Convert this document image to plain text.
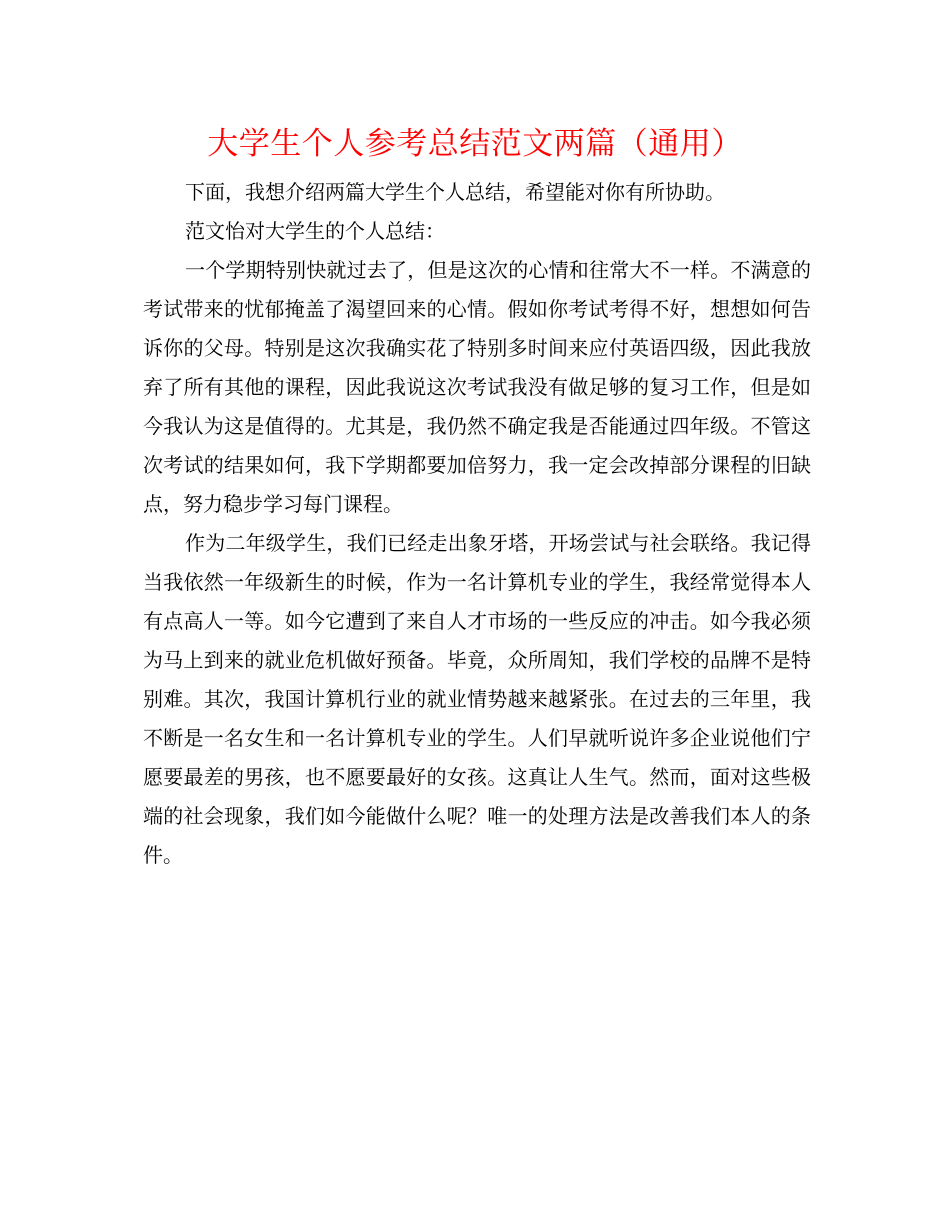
大学生个人参考总结范文两篇（通用）

下面，我想介绍两篇大学生个人总结，希望能对你有所协助。

范文怡对大学生的个人总结：

一个学期特别快就过去了，但是这次的心情和往常大不一样。不满意的考试带来的忧郁掩盖了渴望回来的心情。假如你考试考得不好，想想如何告诉你的父母。特别是这次我确实花了特别多时间来应付英语四级，因此我放弃了所有其他的课程，因此我说这次考试我没有做足够的复习工作，但是如今我认为这是值得的。尤其是，我仍然不确定我是否能通过四年级。不管这次考试的结果如何，我下学期都要加倍努力，我一定会改掉部分课程的旧缺点，努力稳步学习每门课程。

作为二年级学生，我们已经走出象牙塔，开场尝试与社会联络。我记得当我依然一年级新生的时候，作为一名计算机专业的学生，我经常觉得本人有点高人一等。如今它遭到了来自人才市场的一些反应的冲击。如今我必须为马上到来的就业危机做好预备。毕竟，众所周知，我们学校的品牌不是特别难。其次，我国计算机行业的就业情势越来越紧张。在过去的三年里，我不断是一名女生和一名计算机专业的学生。人们早就听说许多企业说他们宁愿要最差的男孩，也不愿要最好的女孩。这真让人生气。然而，面对这些极端的社会现象，我们如今能做什么呢？唯一的处理方法是改善我们本人的条件。
